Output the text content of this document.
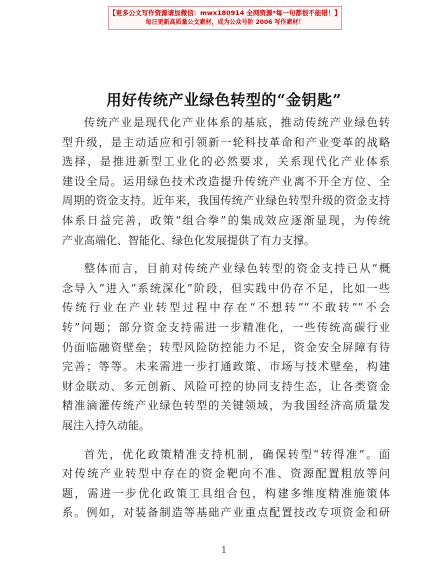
【更多公文写作资源请加微信：mwx180914 全网资源*每一句都很不能错！】
每日更新高质量公文素材，成为公众号阶 2006 写作素材！
用好传统产业绿色转型的“金钥匙”
传统产业是现代化产业体系的基底，推动传统产业绿色转
型升级，是主动适应和引领新一轮科技革命和产业变革的战略
选择，是推进新型工业化的必然要求，关系现代化产业体系
建设全局。运用绿色技术改造提升传统产业离不开全方位、全
周期的资金支持。近年来，我国传统产业绿色转型升级的资金支持
体系日益完善，政策“组合拳”的集成效应逐渐显现，为传统
产业高端化、智能化、绿色化发展提供了有力支撑。
整体而言，目前对传统产业绿色转型的资金支持已从“概
念导入”进入“系统深化”阶段，但实践中仍存不足，比如一些
传统行业在产业转型过程中存在“不想转”“不敢转”“不会
转”问题；部分资金支持需进一步精准化，一些传统高碳行业
仍面临融资壁垒；转型风险防控能力不足，资金安全屏障有待
完善；等等。未来需进一步打通政策、市场与技术壁垒，构建
财金联动、多元创新、风险可控的协同支持生态，让各类资金
精准滴灌传统产业绿色转型的关键领域，为我国经济高质量发
展注入持久动能。
首先，优化政策精准支持机制，确保转型“转得准”。面
对传统产业转型中存在的资金靶向不准、资源配置粗放等问
题，需进一步优化政策工具组合包，构建多维度精准施策体
系。例如，对装备制造等基础产业重点配置技改专项资金和研
1
